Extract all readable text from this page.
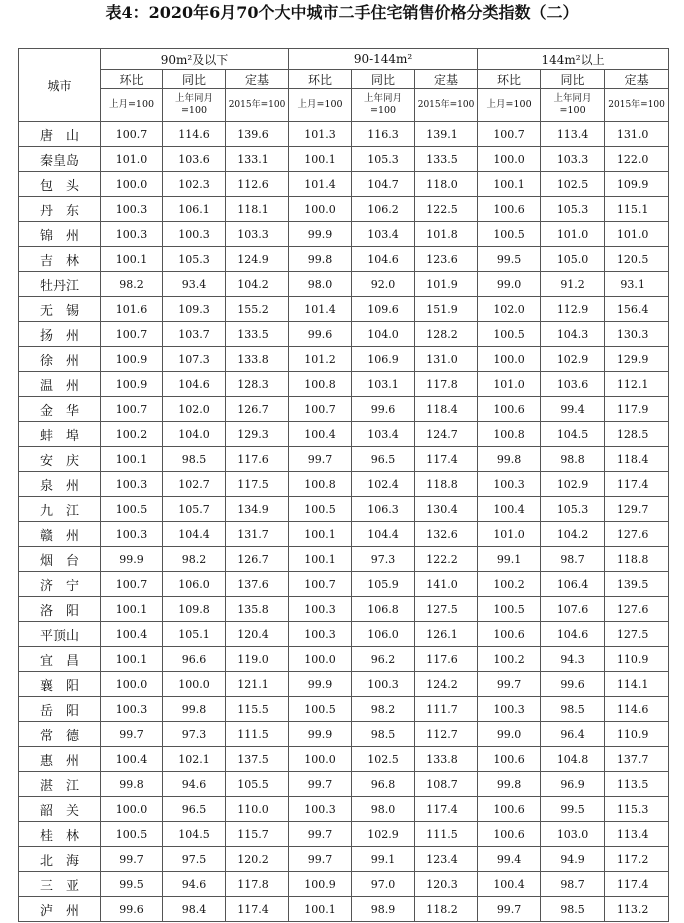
表4：2020年6月70个大中城市二手住宅销售价格分类指数（二）
城市	90m²及以下			90-144m²			144m²以上		
	环比	同比	定基	环比	同比	定基	环比	同比	定基
	上月=100	上年同月=100	2015年=100	上月=100	上年同月=100	2015年=100	上月=100	上年同月=100	2015年=100
唐　山	100.7	114.6	139.6	101.3	116.3	139.1	100.7	113.4	131.0
秦皇岛	101.0	103.6	133.1	100.1	105.3	133.5	100.0	103.3	122.0
包　头	100.0	102.3	112.6	101.4	104.7	118.0	100.1	102.5	109.9
丹　东	100.3	106.1	118.1	100.0	106.2	122.5	100.6	105.3	115.1
锦　州	100.3	100.3	103.3	99.9	103.4	101.8	100.5	101.0	101.0
吉　林	100.1	105.3	124.9	99.8	104.6	123.6	99.5	105.0	120.5
牡丹江	98.2	93.4	104.2	98.0	92.0	101.9	99.0	91.2	93.1
无　锡	101.6	109.3	155.2	101.4	109.6	151.9	102.0	112.9	156.4
扬　州	100.7	103.7	133.5	99.6	104.0	128.2	100.5	104.3	130.3
徐　州	100.9	107.3	133.8	101.2	106.9	131.0	100.0	102.9	129.9
温　州	100.9	104.6	128.3	100.8	103.1	117.8	101.0	103.6	112.1
金　华	100.7	102.0	126.7	100.7	99.6	118.4	100.6	99.4	117.9
蚌　埠	100.2	104.0	129.3	100.4	103.4	124.7	100.8	104.5	128.5
安　庆	100.1	98.5	117.6	99.7	96.5	117.4	99.8	98.8	118.4
泉　州	100.3	102.7	117.5	100.8	102.4	118.8	100.3	102.9	117.4
九　江	100.5	105.7	134.9	100.5	106.3	130.4	100.4	105.3	129.7
赣　州	100.3	104.4	131.7	100.1	104.4	132.6	101.0	104.2	127.6
烟　台	99.9	98.2	126.7	100.1	97.3	122.2	99.1	98.7	118.8
济　宁	100.7	106.0	137.6	100.7	105.9	141.0	100.2	106.4	139.5
洛　阳	100.1	109.8	135.8	100.3	106.8	127.5	100.5	107.6	127.6
平顶山	100.4	105.1	120.4	100.3	106.0	126.1	100.6	104.6	127.5
宜　昌	100.1	96.6	119.0	100.0	96.2	117.6	100.2	94.3	110.9
襄　阳	100.0	100.0	121.1	99.9	100.3	124.2	99.7	99.6	114.1
岳　阳	100.3	99.8	115.5	100.5	98.2	111.7	100.3	98.5	114.6
常　德	99.7	97.3	111.5	99.9	98.5	112.7	99.0	96.4	110.9
惠　州	100.4	102.1	137.5	100.0	102.5	133.8	100.6	104.8	137.7
湛　江	99.8	94.6	105.5	99.7	96.8	108.7	99.8	96.9	113.5
韶　关	100.0	96.5	110.0	100.3	98.0	117.4	100.6	99.5	115.3
桂　林	100.5	104.5	115.7	99.7	102.9	111.5	100.6	103.0	113.4
北　海	99.7	97.5	120.2	99.7	99.1	123.4	99.4	94.9	117.2
三　亚	99.5	94.6	117.8	100.9	97.0	120.3	100.4	98.7	117.4
泸　州	99.6	98.4	117.4	100.1	98.9	118.2	99.7	98.5	113.2
